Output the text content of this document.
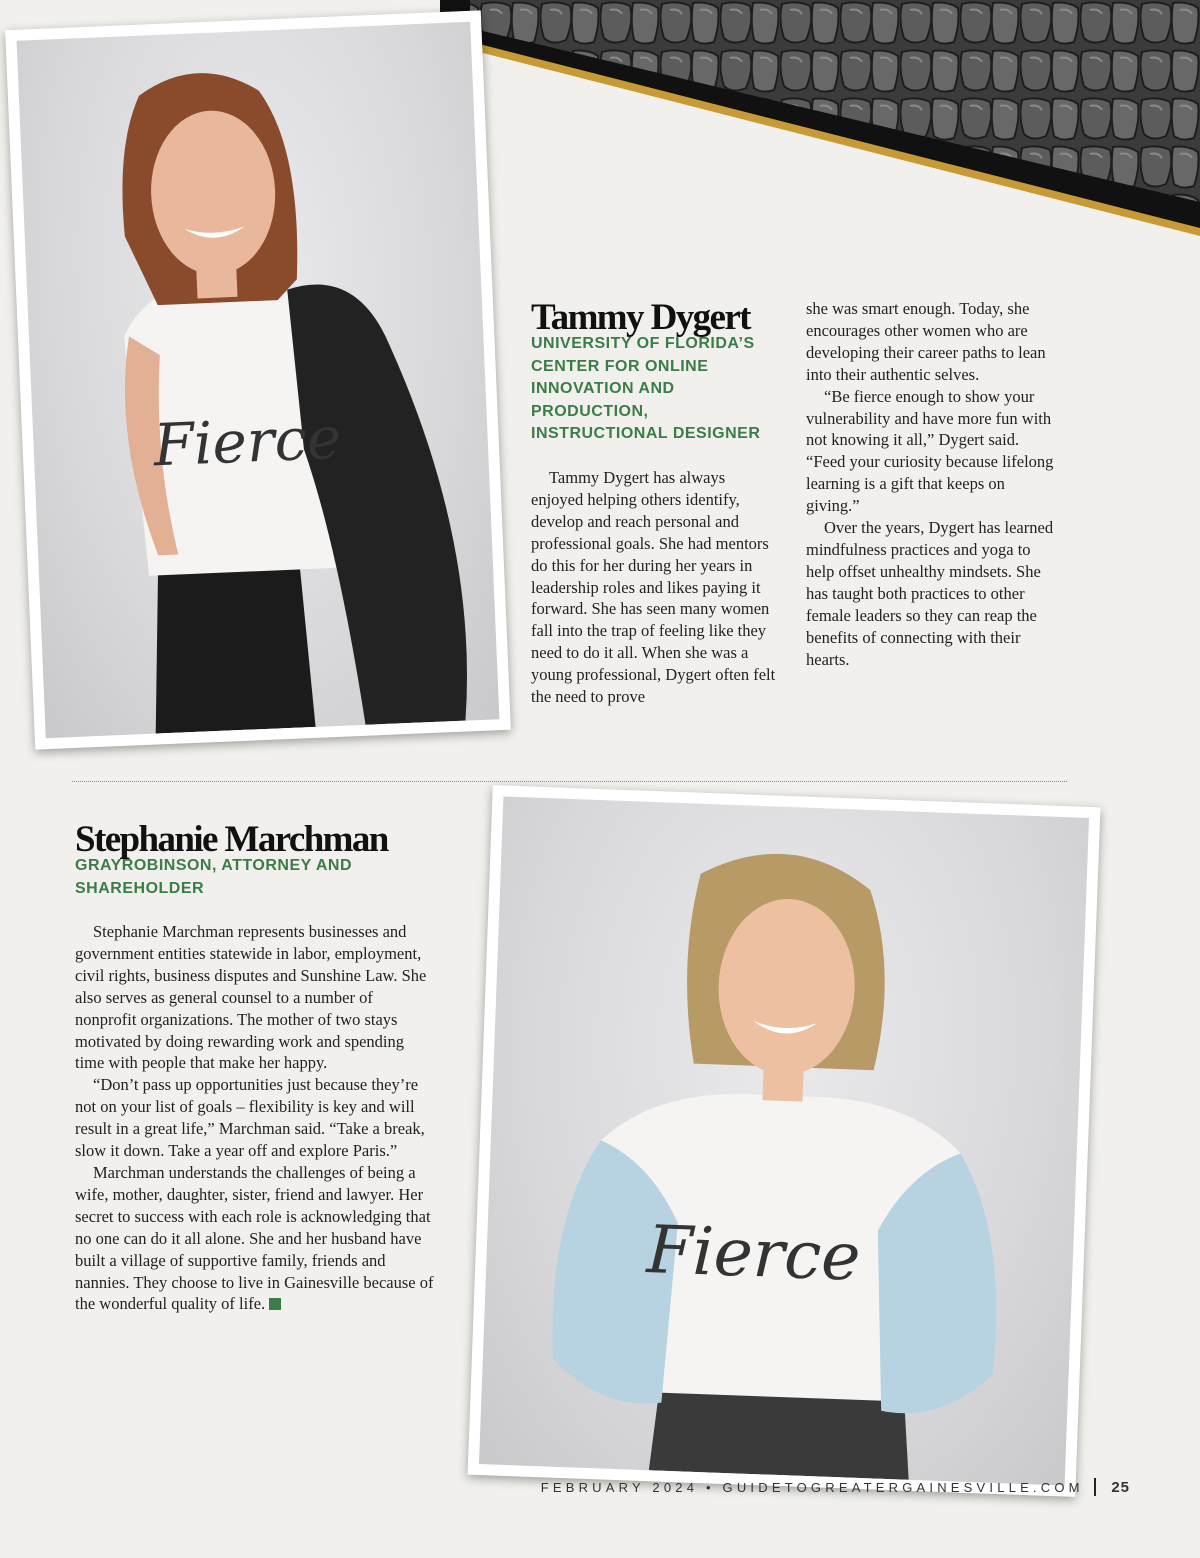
Fierce
Tammy Dygert

UNIVERSITY OF FLORIDA’S CENTER FOR ONLINE INNOVATION AND PRODUCTION, INSTRUCTIONAL DESIGNER

Tammy Dygert has always enjoyed helping others identify, develop and reach personal and professional goals. She had mentors do this for her during her years in leadership roles and likes paying it forward. She has seen many women fall into the trap of feeling like they need to do it all. When she was a young professional, Dygert often felt the need to prove

she was smart enough. Today, she encourages other women who are developing their career paths to lean into their authentic selves.

“Be fierce enough to show your vulnerability and have more fun with not knowing it all,” Dygert said. “Feed your curiosity because lifelong learning is a gift that keeps on giving.”

Over the years, Dygert has learned mindfulness practices and yoga to help offset unhealthy mindsets. She has taught both practices to other female leaders so they can reap the benefits of connecting with their hearts.

Stephanie Marchman

GRAYROBINSON, ATTORNEY AND SHAREHOLDER

Stephanie Marchman represents businesses and government entities statewide in labor, employment, civil rights, business disputes and Sunshine Law. She also serves as general counsel to a number of nonprofit organizations. The mother of two stays motivated by doing rewarding work and spending time with people that make her happy.

“Don’t pass up opportunities just because they’re not on your list of goals – flexibility is key and will result in a great life,” Marchman said. “Take a break, slow it down. Take a year off and explore Paris.”

Marchman understands the challenges of being a wife, mother, daughter, sister, friend and lawyer. Her secret to success with each role is acknowledging that no one can do it all alone. She and her husband have built a village of supportive family, friends and nannies. They choose to live in Gainesville because of the wonderful quality of life.

Fierce
FEBRUARY 2024 • GUIDETOGREATERGAINESVILLE.COM 25
